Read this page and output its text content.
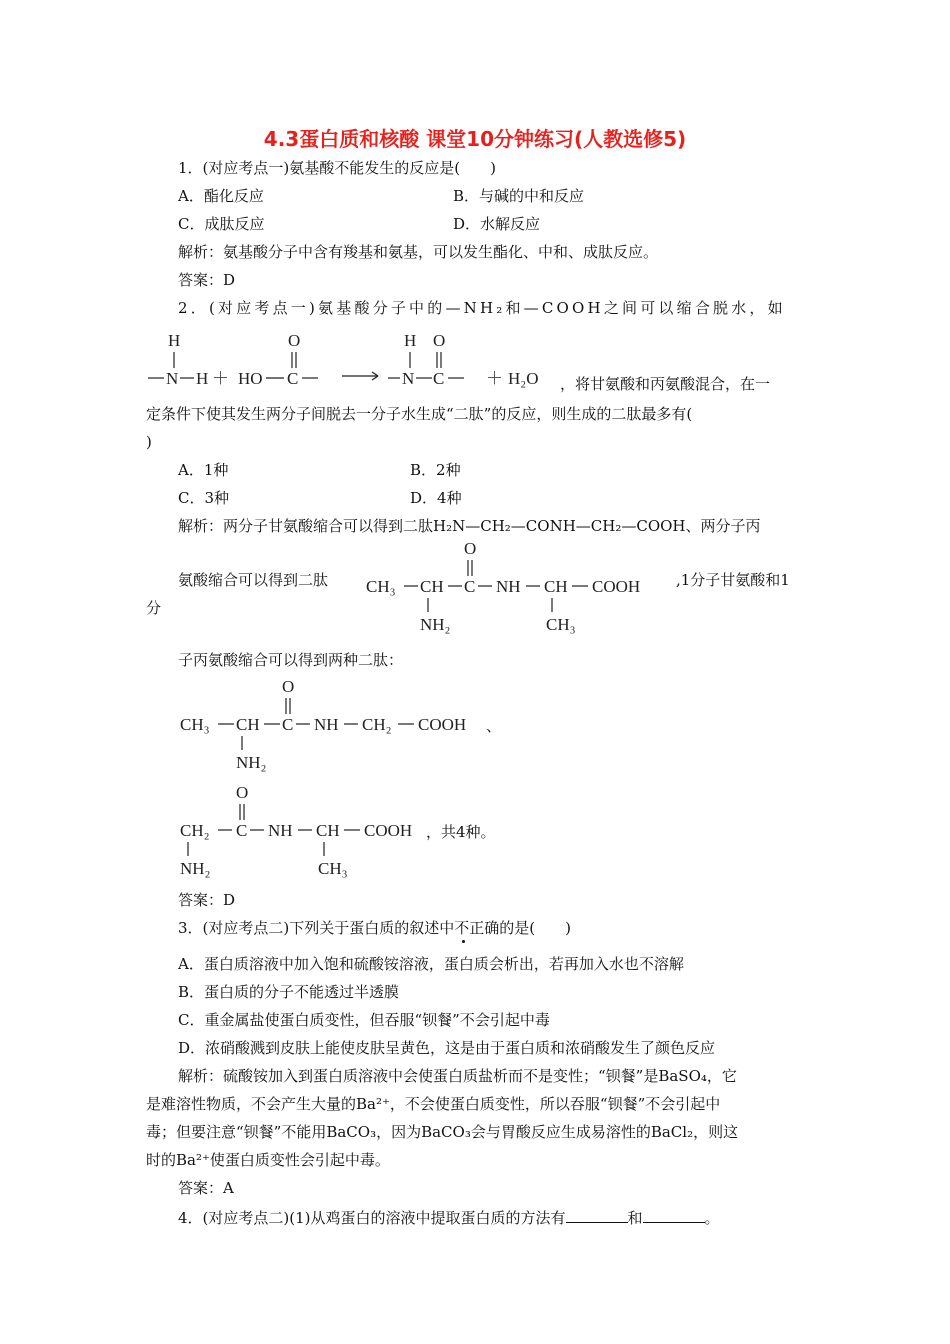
4.3蛋白质和核酸 课堂10分钟练习(人教选修5)
1．(对应考点一)氨基酸不能发生的反应是(　　)
A．酯化反应	B．与碱的中和反应
C．成肽反应	D．水解反应
解析：氨基酸分子中含有羧基和氨基，可以发生酯化、中和、成肽反应。
答案：D
2．(对应考点一)氨基酸分子中的—NH₂和—COOH之间可以缩合脱水，如
H
N H ＋ HO
O
C
H
N
O
C ＋ H₂O ，将甘氨酸和丙氨酸混合，在一
定条件下使其发生两分子间脱去一分子水生成“二肽”的反应，则生成的二肽最多有(
)
A．1种	B．2种
C．3种	D．4种
解析：两分子甘氨酸缩合可以得到二肽H₂N—CH₂—CONH—CH₂—COOH、两分子丙
氨酸缩合可以得到二肽
O
CH₃ CH C NH CH COOH
NH₂	CH₃
,1分子甘氨酸和1
分
子丙氨酸缩合可以得到两种二肽：
O
CH₃ CH C NH CH₂ COOH
NH₂
、
O
CH₂ C NH CH COOH
NH₂	CH₃
，共4种。
答案：D
3．(对应考点二)下列关于蛋白质的叙述中不正确的是(　　)
A．蛋白质溶液中加入饱和硫酸铵溶液，蛋白质会析出，若再加入水也不溶解
B．蛋白质的分子不能透过半透膜
C．重金属盐使蛋白质变性，但吞服“钡餐”不会引起中毒
D．浓硝酸溅到皮肤上能使皮肤呈黄色，这是由于蛋白质和浓硝酸发生了颜色反应
解析：硫酸铵加入到蛋白质溶液中会使蛋白质盐析而不是变性；“钡餐”是BaSO₄，它
是难溶性物质，不会产生大量的Ba²⁺，不会使蛋白质变性，所以吞服“钡餐”不会引起中
毒；但要注意“钡餐”不能用BaCO₃，因为BaCO₃会与胃酸反应生成易溶性的BaCl₂，则这
时的Ba²⁺使蛋白质变性会引起中毒。
答案：A
4．(对应考点二)(1)从鸡蛋白的溶液中提取蛋白质的方法有	和	。
